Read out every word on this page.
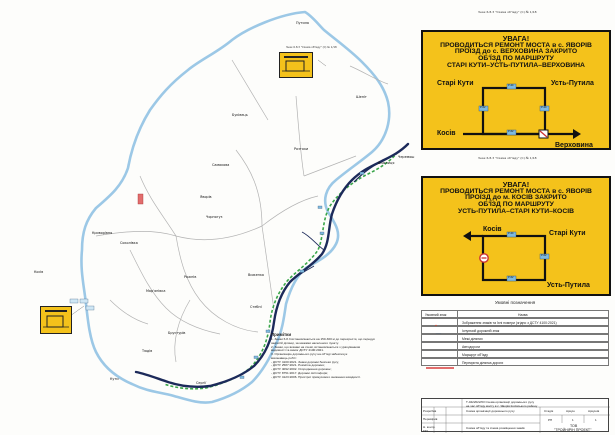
Знак 6.8.3 "Схема об'їзду" (С) № 1/18
Знак 6.8.3 "Схема об'їзду" (С) № 1/18
Знак 6.8.3 "Схема об'їзду" (С) № 1/18
УВАГА!
ПРОВОДИТЬСЯ РЕМОНТ МОСТА в с. ЯВОРІВ
ПРОЇЗД до с. ВЕРХОВИНА ЗАКРИТО
ОБ'ЇЗД ПО МАРШРУТУ
СТАРІ КУТИ–УСТЬ-ПУТИЛА–ВЕРХОВИНА
Старі Кути	Усть-Путила
Косів
Верховина
P-24
P-62	P-24
P-62
УВАГА!
ПРОВОДИТЬСЯ РЕМОНТ МОСТА в с. ЯВОРІВ
ПРОЇЗД до м. КОСІВ ЗАКРИТО
ОБ'ЇЗД ПО МАРШРУТУ
УСТЬ-ПУТИЛА–СТАРІ КУТИ–КОСІВ
Косів
Старі Кути
Усть-Путила
P-24
P-62
P-62
Косів
Вижниця
Путила
Яворів
Соколівка
Рожнів
Брустурів
Криворівня
Буківець
Розтоки
Самакова
Шепіт
Чорногуз
Мар'янівка
Стебні
Черемош
Кути
Виженка
Сергії
Тюдів
Примітки
1. Знаки 6.8.3 встановлюються на 150-300 м до перехрестя, що передує
закритій ділянці, за межами населеного пункту.
2. Знаки, що вказані на схемі, встановлюються з урахуванням
видимості та вимог ДСТУ 4100:2021.
3. Організацію дорожнього руху на об'їзді забезпечує
виконавець робіт:
- ДСТУ 4100:2021. Знаки дорожні безпеки руху;
- ДСТУ 2587:2021. Розмітка дорожня;
- ДСТУ 4092:2002. Огородження дорожнє;
- ДСТУ 8751:2017. Дорожні світлофори;
- ДСТУ 4123:2006. Пристрої примусового зниження швидкості.
Умовні позначення
Умовний знак	Назва
Зображення знаків та їхні номери (згідно з ДСТУ 4100:2021)
Існуючий дорожній знак
Межі ділянки
Автодороги
Маршрут об'їзду
Перекрита ділянка дороги
Т-0422022/03 Схема організації дорожнього руху
на час об'їзду мосту в с. Яворів Косівського району
Розробив
Перевірив
Н. контр.
ГІП
Схема організації дорожнього руху	Стадія	Аркуш	Аркушів
РП	1	1
Схема об'їзду та схема розміщення знаків	ТОВ
"ТРОЙНІРІН ПРОЕКТ"
